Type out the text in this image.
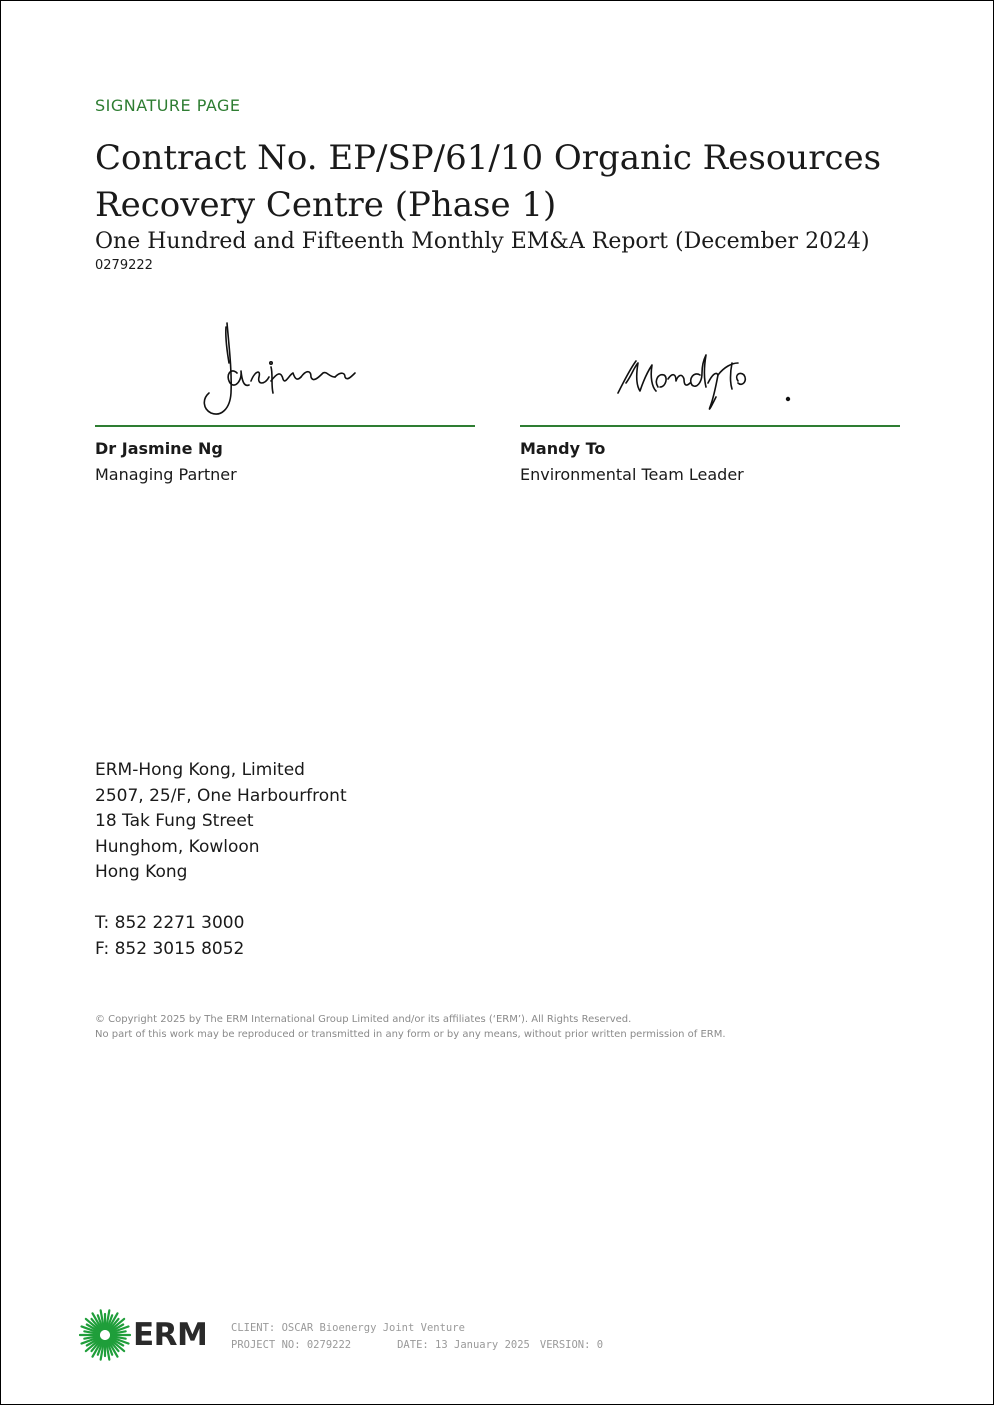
SIGNATURE PAGE
Contract No. EP/SP/61/10 Organic Resources Recovery Centre (Phase 1)
One Hundred and Fifteenth Monthly EM&A Report (December 2024)
0279222
Dr Jasmine Ng
Managing Partner
Mandy To
Environmental Team Leader
ERM-Hong Kong, Limited
2507, 25/F, One Harbourfront
18 Tak Fung Street
Hunghom, Kowloon
Hong Kong
T: 852 2271 3000
F: 852 3015 8052
© Copyright 2025 by The ERM International Group Limited and/or its affiliates (‘ERM’). All Rights Reserved.
No part of this work may be reproduced or transmitted in any form or by any means, without prior written permission of ERM.
ERM CLIENT: OSCAR Bioenergy Joint Venture
PROJECT NO: 0279222	DATE: 13 January 2025 VERSION: 0
